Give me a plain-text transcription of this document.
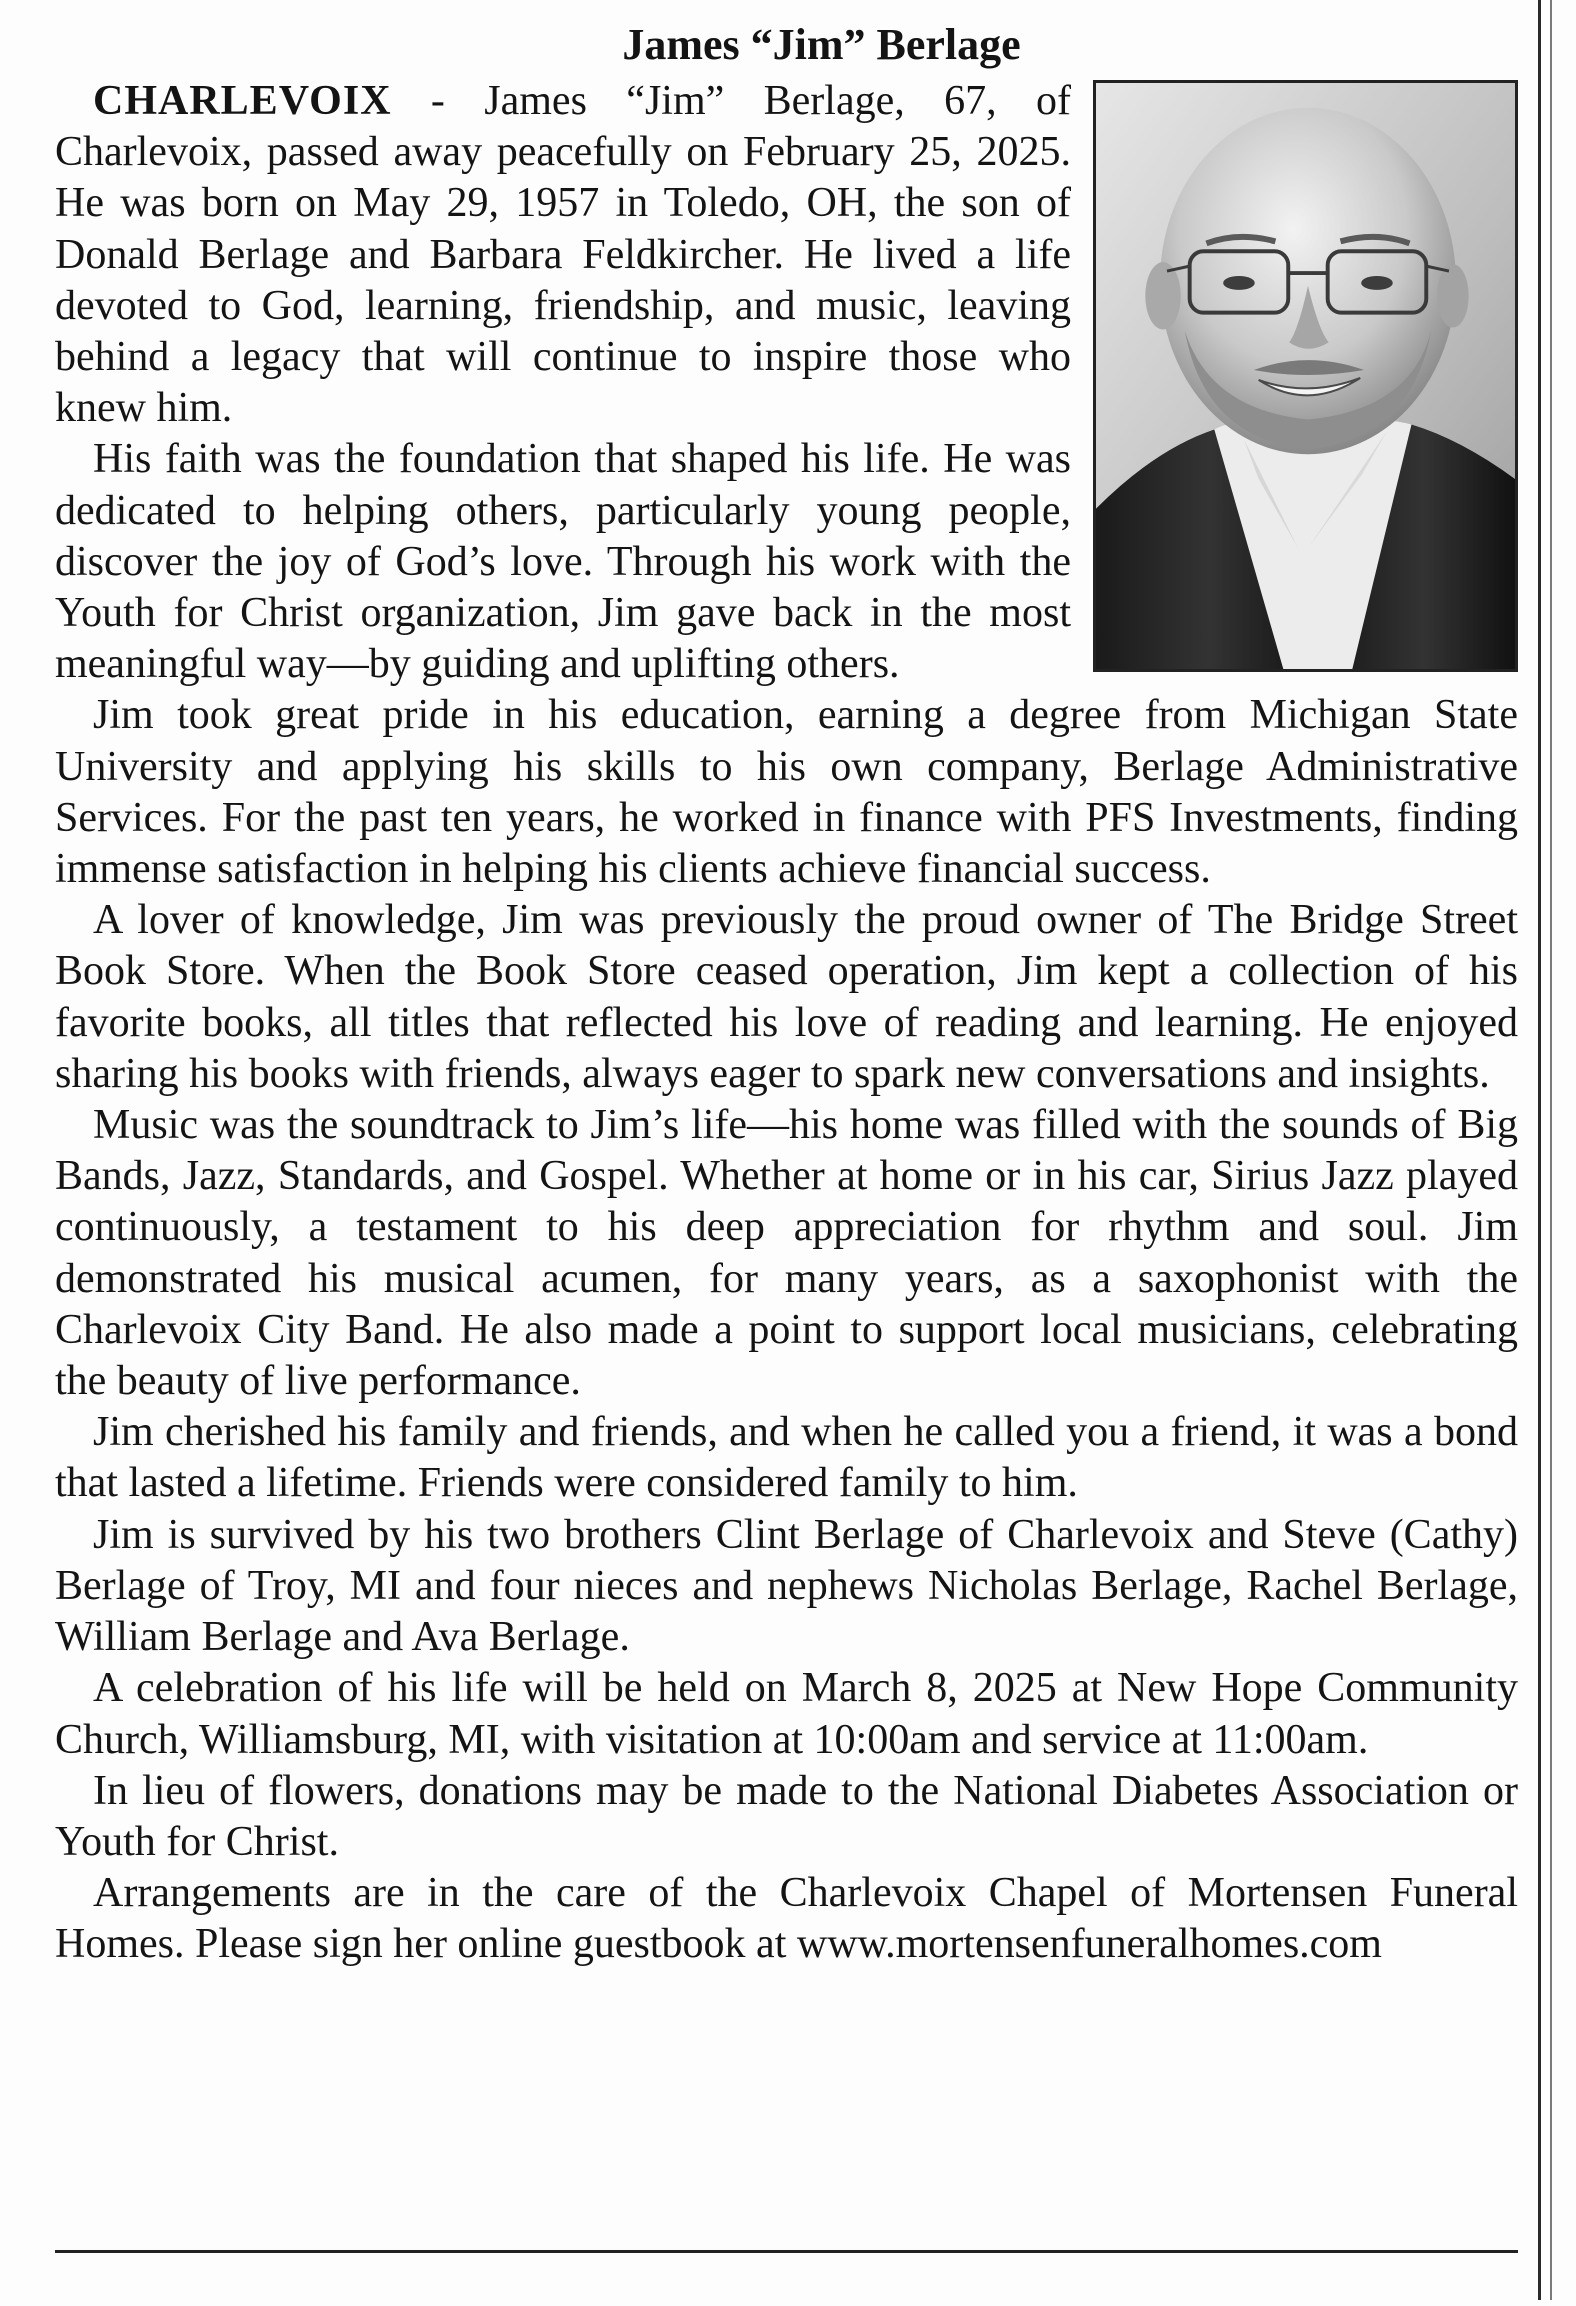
James “Jim” Berlage

CHARLEVOIX - James “Jim” Berlage, 67, of Charlevoix, passed away peacefully on February 25, 2025. He was born on May 29, 1957 in Toledo, OH, the son of Donald Berlage and Barbara Feldkircher. He lived a life devoted to God, learning, friendship, and music, leaving behind a legacy that will continue to inspire those who knew him.

His faith was the foundation that shaped his life. He was dedicated to helping others, particularly young people, discover the joy of God’s love. Through his work with the Youth for Christ organization, Jim gave back in the most meaningful way—by guiding and uplifting others.

Jim took great pride in his education, earning a degree from Michigan State University and applying his skills to his own company, Berlage Administrative Services. For the past ten years, he worked in finance with PFS Investments, finding immense satisfaction in helping his clients achieve financial success.

A lover of knowledge, Jim was previously the proud owner of The Bridge Street Book Store. When the Book Store ceased operation, Jim kept a collection of his favorite books, all titles that reflected his love of reading and learning. He enjoyed sharing his books with friends, always eager to spark new conversations and insights.

Music was the soundtrack to Jim’s life—his home was filled with the sounds of Big Bands, Jazz, Standards, and Gospel. Whether at home or in his car, Sirius Jazz played continuously, a testament to his deep appreciation for rhythm and soul. Jim demonstrated his musical acumen, for many years, as a saxophonist with the Charlevoix City Band. He also made a point to support local musicians, celebrating the beauty of live performance.

Jim cherished his family and friends, and when he called you a friend, it was a bond that lasted a lifetime. Friends were considered family to him.

Jim is survived by his two brothers Clint Berlage of Charlevoix and Steve (Cathy) Berlage of Troy, MI and four nieces and nephews Nicholas Berlage, Rachel Berlage, William Berlage and Ava Berlage.

A celebration of his life will be held on March 8, 2025 at New Hope Community Church, Williamsburg, MI, with visitation at 10:00am and service at 11:00am.

In lieu of flowers, donations may be made to the National Diabetes Association or Youth for Christ.

Arrangements are in the care of the Charlevoix Chapel of Mortensen Funeral Homes. Please sign her online guestbook at www.mortensenfuneralhomes.com
